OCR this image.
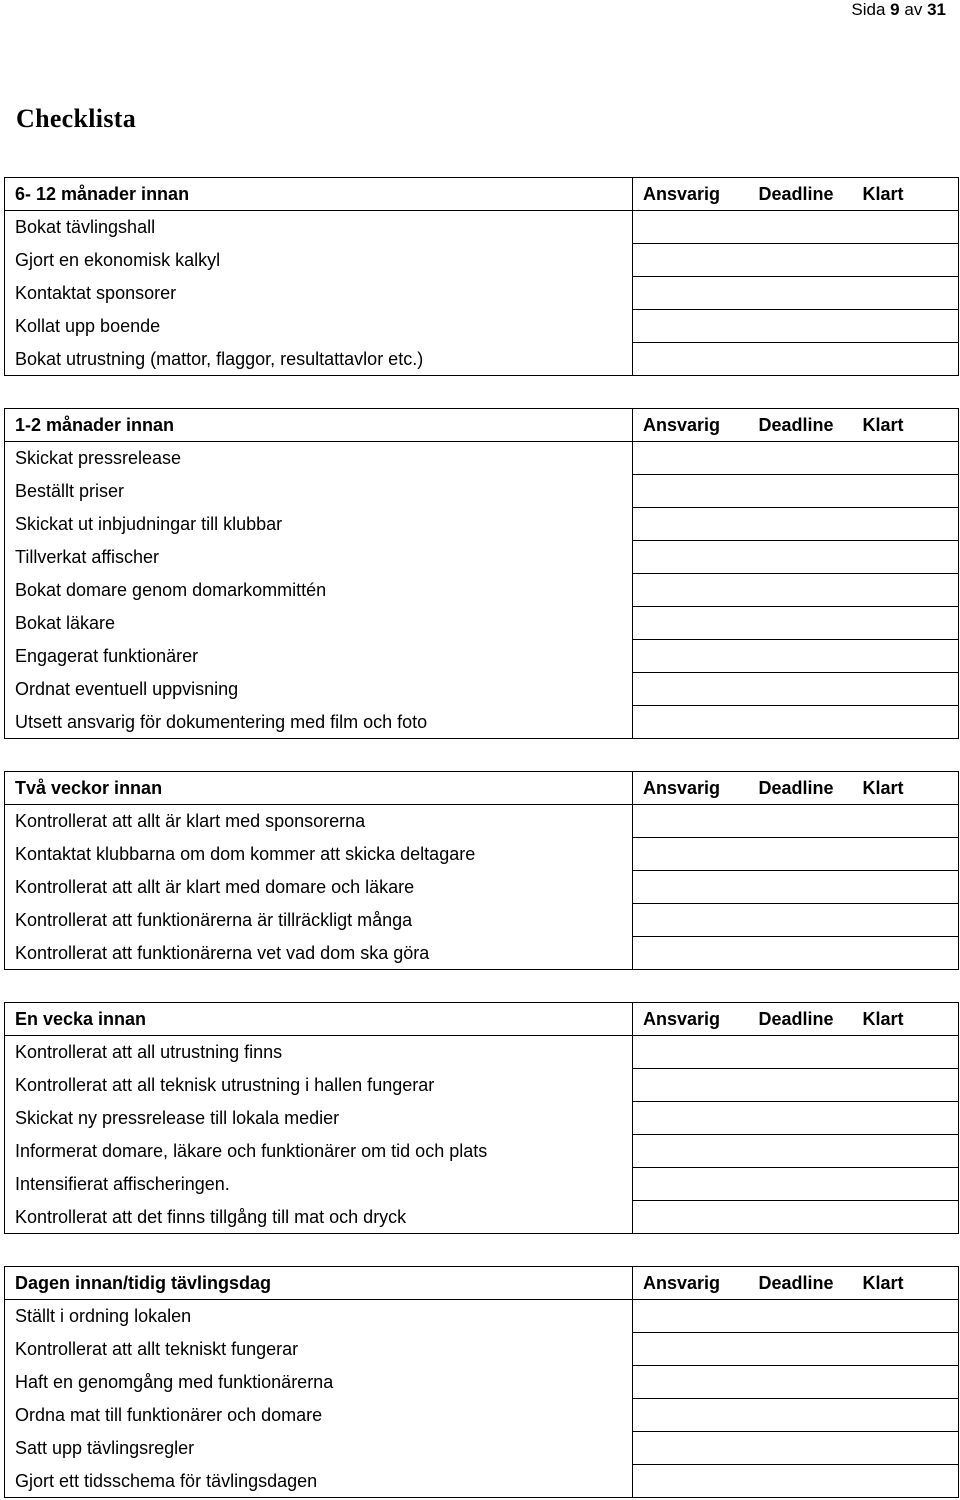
Sida 9 av 31
Checklista
6- 12 månader innan	Ansvarig	Deadline	Klart
Bokat tävlingshall			
Gjort en ekonomisk kalkyl			
Kontaktat sponsorer			
Kollat upp boende			
Bokat utrustning (mattor, flaggor, resultattavlor etc.)			
1-2 månader innan	Ansvarig	Deadline	Klart
Skickat pressrelease			
Beställt priser			
Skickat ut inbjudningar till klubbar			
Tillverkat affischer			
Bokat domare genom domarkommittén			
Bokat läkare			
Engagerat funktionärer			
Ordnat eventuell uppvisning			
Utsett ansvarig för dokumentering med film och foto			
Två veckor innan	Ansvarig	Deadline	Klart
Kontrollerat att allt är klart med sponsorerna			
Kontaktat klubbarna om dom kommer att skicka deltagare			
Kontrollerat att allt är klart med domare och läkare			
Kontrollerat att funktionärerna är tillräckligt många			
Kontrollerat att funktionärerna vet vad dom ska göra			
En vecka innan	Ansvarig	Deadline	Klart
Kontrollerat att all utrustning finns			
Kontrollerat att all teknisk utrustning i hallen fungerar			
Skickat ny pressrelease till lokala medier			
Informerat domare, läkare och funktionärer om tid och plats			
Intensifierat affischeringen.			
Kontrollerat att det finns tillgång till mat och dryck			
Dagen innan/tidig tävlingsdag	Ansvarig	Deadline	Klart
Ställt i ordning lokalen			
Kontrollerat att allt tekniskt fungerar			
Haft en genomgång med funktionärerna			
Ordna mat till funktionärer och domare			
Satt upp tävlingsregler			
Gjort ett tidsschema för tävlingsdagen			
